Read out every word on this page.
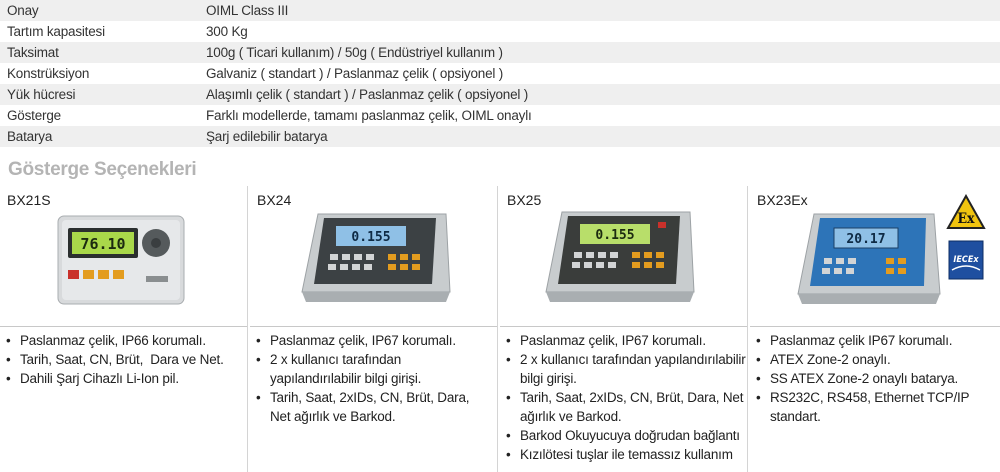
Onay	OIML Class III
Tartım kapasitesi	300 Kg
Taksimat	100g ( Ticari kullanım) / 50g ( Endüstriyel kullanım )
Konstrüksiyon	Galvaniz ( standart ) / Paslanmaz çelik ( opsiyonel )
Yük hücresi	Alaşımlı çelik ( standart ) / Paslanmaz çelik ( opsiyonel )
Gösterge	Farklı modellerde, tamamı paslanmaz çelik, OIML onaylı
Batarya	Şarj edilebilir batarya
Gösterge Seçenekleri
BX21S
76.10
• Paslanmaz çelik, IP66 korumalı.
• Tarih, Saat, CN, Brüt,  Dara ve Net.
• Dahili Şarj Cihazlı Li-Ion pil.
BX24
0.155
• Paslanmaz çelik, IP67 korumalı.
• 2 x kullanıcı tarafından yapılandırılabilir bilgi girişi.
• Tarih, Saat, 2xIDs, CN, Brüt, Dara, Net ağırlık ve Barkod.
BX25
0.155
• Paslanmaz çelik, IP67 korumalı.
• 2 x kullanıcı tarafından yapılandırılabilir bilgi girişi.
• Tarih, Saat, 2xIDs, CN, Brüt, Dara, Net ağırlık ve Barkod.
• Barkod Okuyucuya doğrudan bağlantı
• Kızılötesi tuşlar ile temassız kullanım
BX23Ex
20.17
Ex
IECEx
• Paslanmaz çelik IP67 korumalı.
• ATEX Zone-2 onaylı.
• SS ATEX Zone-2 onaylı batarya.
• RS232C, RS458, Ethernet TCP/IP standart.
